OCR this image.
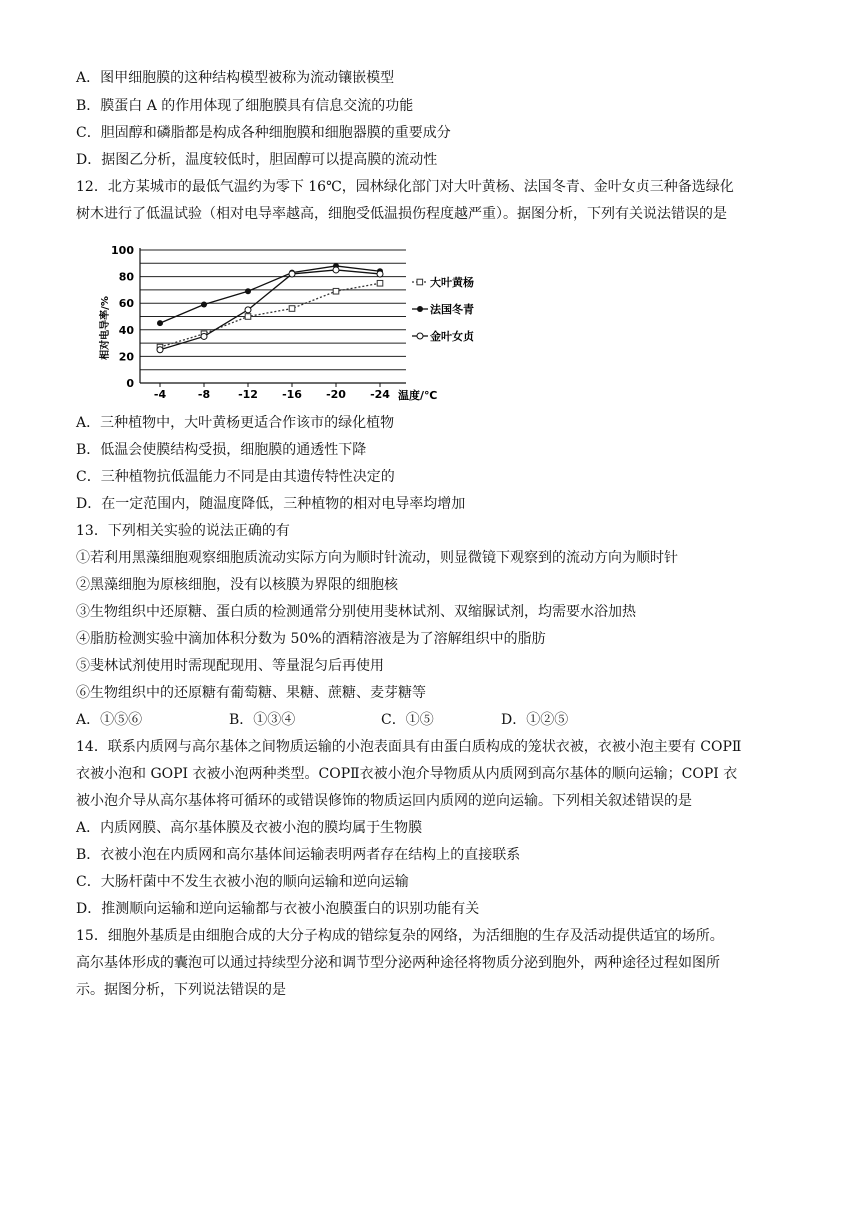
A．图甲细胞膜的这种结构模型被称为流动镶嵌模型
B．膜蛋白 A 的作用体现了细胞膜具有信息交流的功能
C．胆固醇和磷脂都是构成各种细胞膜和细胞器膜的重要成分
D．据图乙分析，温度较低时，胆固醇可以提高膜的流动性
12．北方某城市的最低气温约为零下 16℃，园林绿化部门对大叶黄杨、法国冬青、金叶女贞三种备选绿化
树木进行了低温试验（相对电导率越高，细胞受低温损伤程度越严重）。据图分析，下列有关说法错误的是
相对电导率/%
0
20
40
60
80
100
-4	-8	-12 -16 -20 -24 温度/℃
大叶黄杨
法国冬青
金叶女贞
A．三种植物中，大叶黄杨更适合作该市的绿化植物
B．低温会使膜结构受损，细胞膜的通透性下降
C．三种植物抗低温能力不同是由其遗传特性决定的
D．在一定范围内，随温度降低，三种植物的相对电导率均增加
13．下列相关实验的说法正确的有
①若利用黑藻细胞观察细胞质流动实际方向为顺时针流动，则显微镜下观察到的流动方向为顺时针
②黑藻细胞为原核细胞，没有以核膜为界限的细胞核
③生物组织中还原糖、蛋白质的检测通常分别使用斐林试剂、双缩脲试剂，均需要水浴加热
④脂肪检测实验中滴加体积分数为 50%的酒精溶液是为了溶解组织中的脂肪
⑤斐林试剂使用时需现配现用、等量混匀后再使用
⑥生物组织中的还原糖有葡萄糖、果糖、蔗糖、麦芽糖等
A．①⑤⑥	B．①③④	C．①⑤	D．①②⑤
14．联系内质网与高尔基体之间物质运输的小泡表面具有由蛋白质构成的笼状衣被，衣被小泡主要有 COPⅡ
衣被小泡和 GOPI 衣被小泡两种类型。COPⅡ衣被小泡介导物质从内质网到高尔基体的顺向运输；COPI 衣
被小泡介导从高尔基体将可循环的或错误修饰的物质运回内质网的逆向运输。下列相关叙述错误的是
A．内质网膜、高尔基体膜及衣被小泡的膜均属于生物膜
B．衣被小泡在内质网和高尔基体间运输表明两者存在结构上的直接联系
C．大肠杆菌中不发生衣被小泡的顺向运输和逆向运输
D．推测顺向运输和逆向运输都与衣被小泡膜蛋白的识别功能有关
15．细胞外基质是由细胞合成的大分子构成的错综复杂的网络，为活细胞的生存及活动提供适宜的场所。
高尔基体形成的囊泡可以通过持续型分泌和调节型分泌两种途径将物质分泌到胞外，两种途径过程如图所
示。据图分析，下列说法错误的是
